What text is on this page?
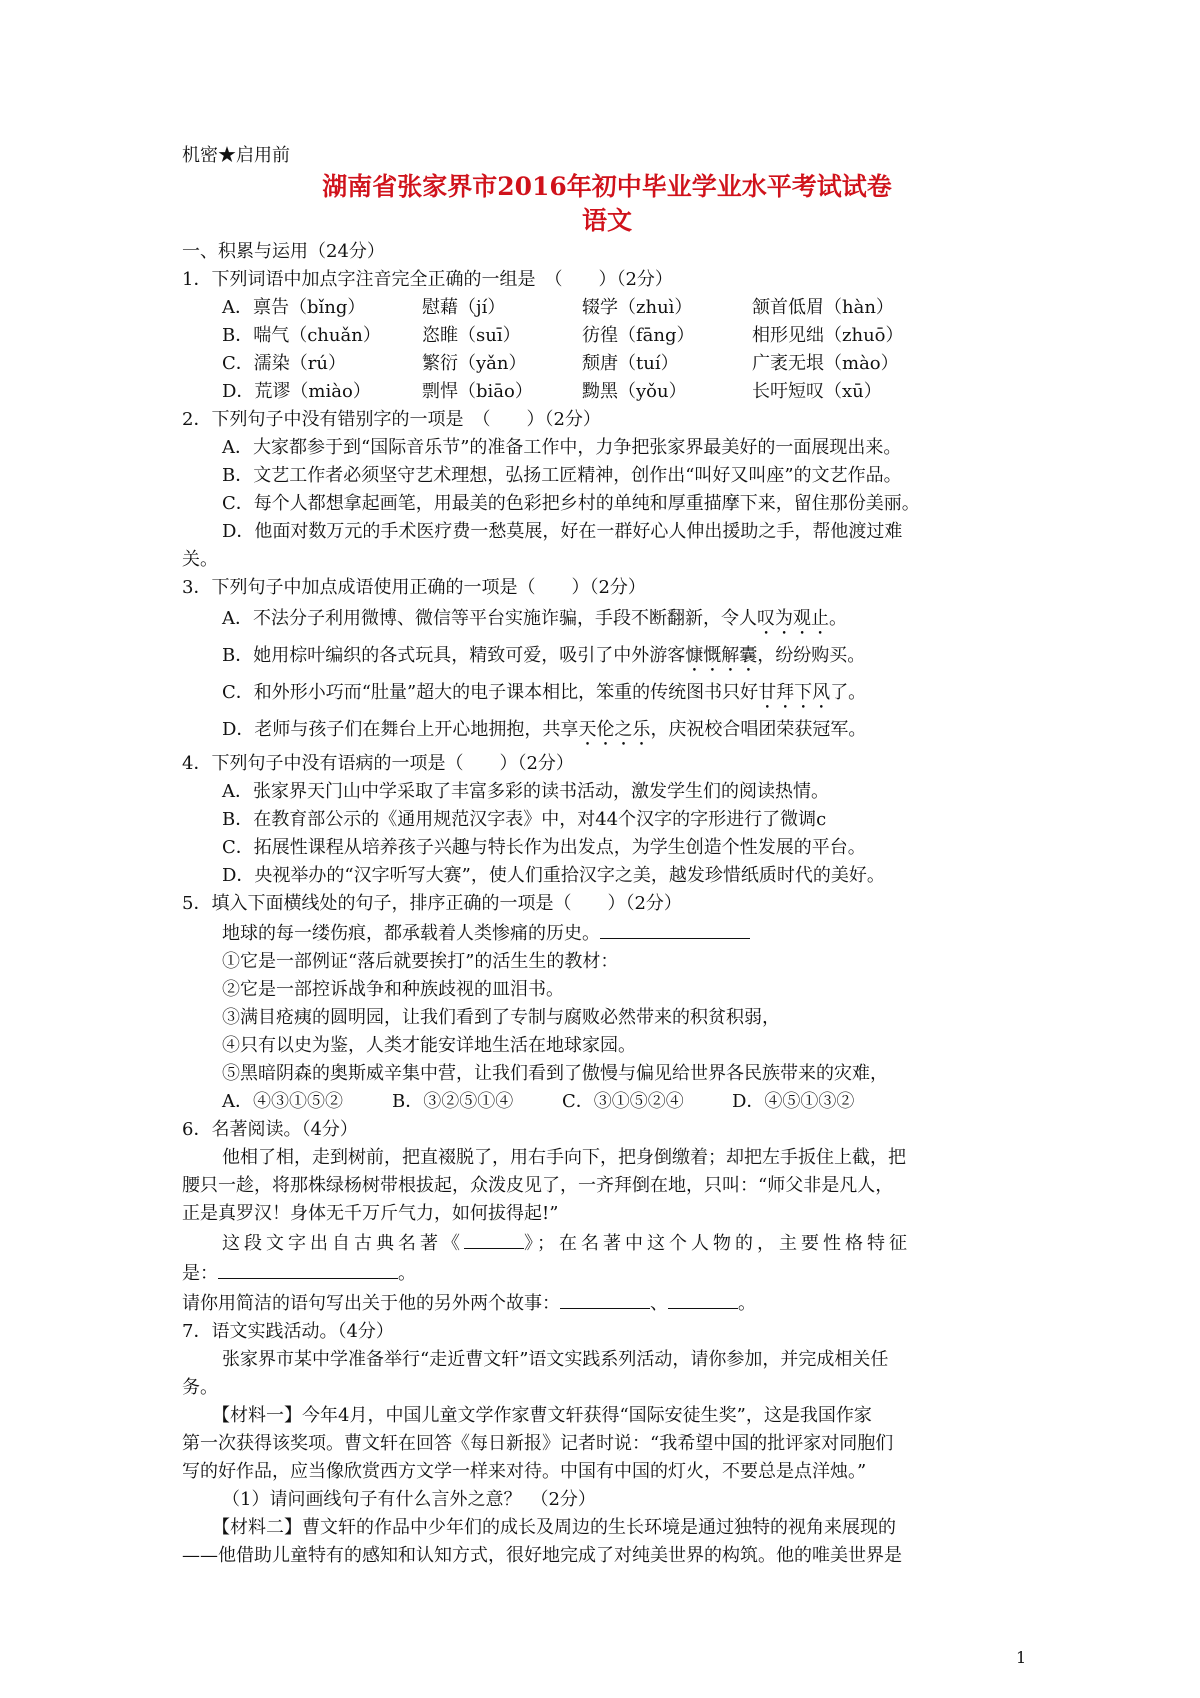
机密★启用前
湖南省张家界市2016年初中毕业学业水平考试试卷
语文
一、积累与运用（24分）
1．下列词语中加点字注音完全正确的一组是　（　　）（2分）
A．禀告（bǐng）	慰藉（jí）	辍学（zhuì）	颔首低眉（hàn）
B．喘气（chuǎn）	恣睢（suī）	彷徨（fāng）	相形见绌（zhuō）
C．濡染（rú）	繁衍（yǎn）	颓唐（tuí）	广袤无垠（mào）
D．荒谬（miào）	剽悍（biāo）	黝黑（yǒu）	长吁短叹（xū）
2．下列句子中没有错别字的一项是　（　　）（2分）
A．大家都参于到“国际音乐节”的准备工作中，力争把张家界最美好的一面展现出来。
B．文艺工作者必须坚守艺术理想，弘扬工匠精神，创作出“叫好又叫座”的文艺作品。
C．每个人都想拿起画笔，用最美的色彩把乡村的单纯和厚重描摩下来，留住那份美丽。
D．他面对数万元的手术医疗费一愁莫展，好在一群好心人伸出援助之手，帮他渡过难
关。
3．下列句子中加点成语使用正确的一项是（　　）（2分）
A．不法分子利用微博、微信等平台实施诈骗，手段不断翻新，令人叹为观止。
B．她用棕叶编织的各式玩具，精致可爱，吸引了中外游客慷慨解囊，纷纷购买。
C．和外形小巧而“肚量”超大的电子课本相比，笨重的传统图书只好甘拜下风了。
D．老师与孩子们在舞台上开心地拥抱，共享天伦之乐，庆祝校合唱团荣获冠军。
4．下列句子中没有语病的一项是（　　）（2分）
A．张家界天门山中学采取了丰富多彩的读书活动，激发学生们的阅读热情。
B．在教育部公示的《通用规范汉字表》中，对44个汉字的字形进行了微调c
C．拓展性课程从培养孩子兴趣与特长作为出发点，为学生创造个性发展的平台。
D．央视举办的“汉字听写大赛”，使人们重拾汉字之美，越发珍惜纸质时代的美好。
5．填入下面横线处的句子，排序正确的一项是（　　）（2分）
地球的每一缕伤痕，都承载着人类惨痛的历史。
①它是一部例证“落后就要挨打”的活生生的教材：
②它是一部控诉战争和种族歧视的皿泪书。
③满目疮痍的圆明园，让我们看到了专制与腐败必然带来的积贫积弱，
④只有以史为鉴，人类才能安详地生活在地球家园。
⑤黑暗阴森的奥斯威辛集中营，让我们看到了傲慢与偏见给世界各民族带来的灾难，
A．④③①⑤②	B．③②⑤①④	C．③①⑤②④	D．④⑤①③②
6．名著阅读。（4分）
他相了相，走到树前，把直裰脱了，用右手向下，把身倒缴着；却把左手扳住上截，把
腰只一趁，将那株绿杨树带根拔起，众泼皮见了，一齐拜倒在地，只叫：“师父非是凡人，
正是真罗汉！身体无千万斤气力，如何拔得起!”
这段文字出自古典名著《	》；在名著中这个人物的，主要性格特征
是：	。
请你用简洁的语句写出关于他的另外两个故事：	、	。
7．语文实践活动。（4分）
张家界市某中学准备举行“走近曹文轩”语文实践系列活动，请你参加，并完成相关任
务。
【材料一】今年4月，中国儿童文学作家曹文轩获得“国际安徒生奖”，这是我国作家
第一次获得该奖项。曹文轩在回答《每日新报》记者时说：“我希望中国的批评家对同胞们
写的好作品，应当像欣赏西方文学一样来对待。中国有中国的灯火，不要总是点洋烛。”
（1）请问画线句子有什么言外之意？　（2分）
【材料二】曹文轩的作品中少年们的成长及周边的生长环境是通过独特的视角来展现的
——他借助儿童特有的感知和认知方式，很好地完成了对纯美世界的构筑。他的唯美世界是
1
